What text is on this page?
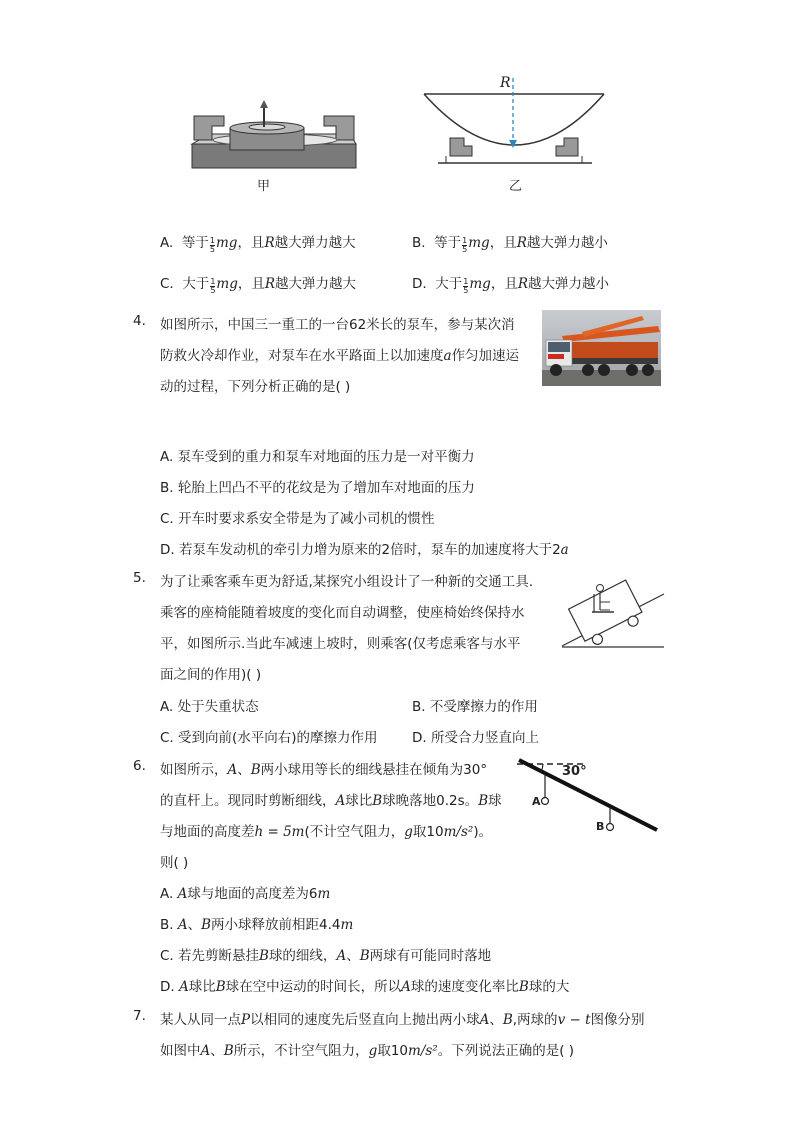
甲
R
乙
A. 等于 $\frac{1}{5}$ mg，且R越大弹力越大	B. 等于 $\frac{1}{5}$ mg，且R越大弹力越小
C. 大于 $\frac{1}{5}$ mg，且R越大弹力越大	D. 大于 $\frac{1}{5}$ mg，且R越大弹力越小
4. 如图所示，中国三一重工的一台62米长的泵车，参与某次消
防救火冷却作业，对泵车在水平路面上以加速度a作匀加速运
动的过程，下列分析正确的是( )
A. 泵车受到的重力和泵车对地面的压力是一对平衡力
B. 轮胎上凹凸不平的花纹是为了增加车对地面的压力
C. 开车时要求系安全带是为了减小司机的惯性
D. 若泵车发动机的牵引力增为原来的2倍时，泵车的加速度将大于2a
5. 为了让乘客乘车更为舒适,某探究小组设计了一种新的交通工具.
乘客的座椅能随着坡度的变化而自动调整，使座椅始终保持水
平，如图所示.当此车减速上坡时，则乘客(仅考虑乘客与水平
面之间的作用)( )
A. 处于失重状态	B. 不受摩擦力的作用
C. 受到向前(水平向右)的摩擦力作用	D. 所受合力竖直向上
6. 如图所示，A、B两小球用等长的细线悬挂在倾角为30°
的直杆上。现同时剪断细线，A球比B球晚落地0.2s。B球
与地面的高度差h = 5m(不计空气阻力，g取10m/s²)。
则( )
30°
A
B
A. A球与地面的高度差为6m
B. A、B两小球释放前相距4.4m
C. 若先剪断悬挂B球的细线，A、B两球有可能同时落地
D. A球比B球在空中运动的时间长，所以A球的速度变化率比B球的大
7. 某人从同一点P以相同的速度先后竖直向上抛出两小球A、B,两球的v − t图像分别
如图中A、B所示，不计空气阻力，g取10m/s²。下列说法正确的是( )
